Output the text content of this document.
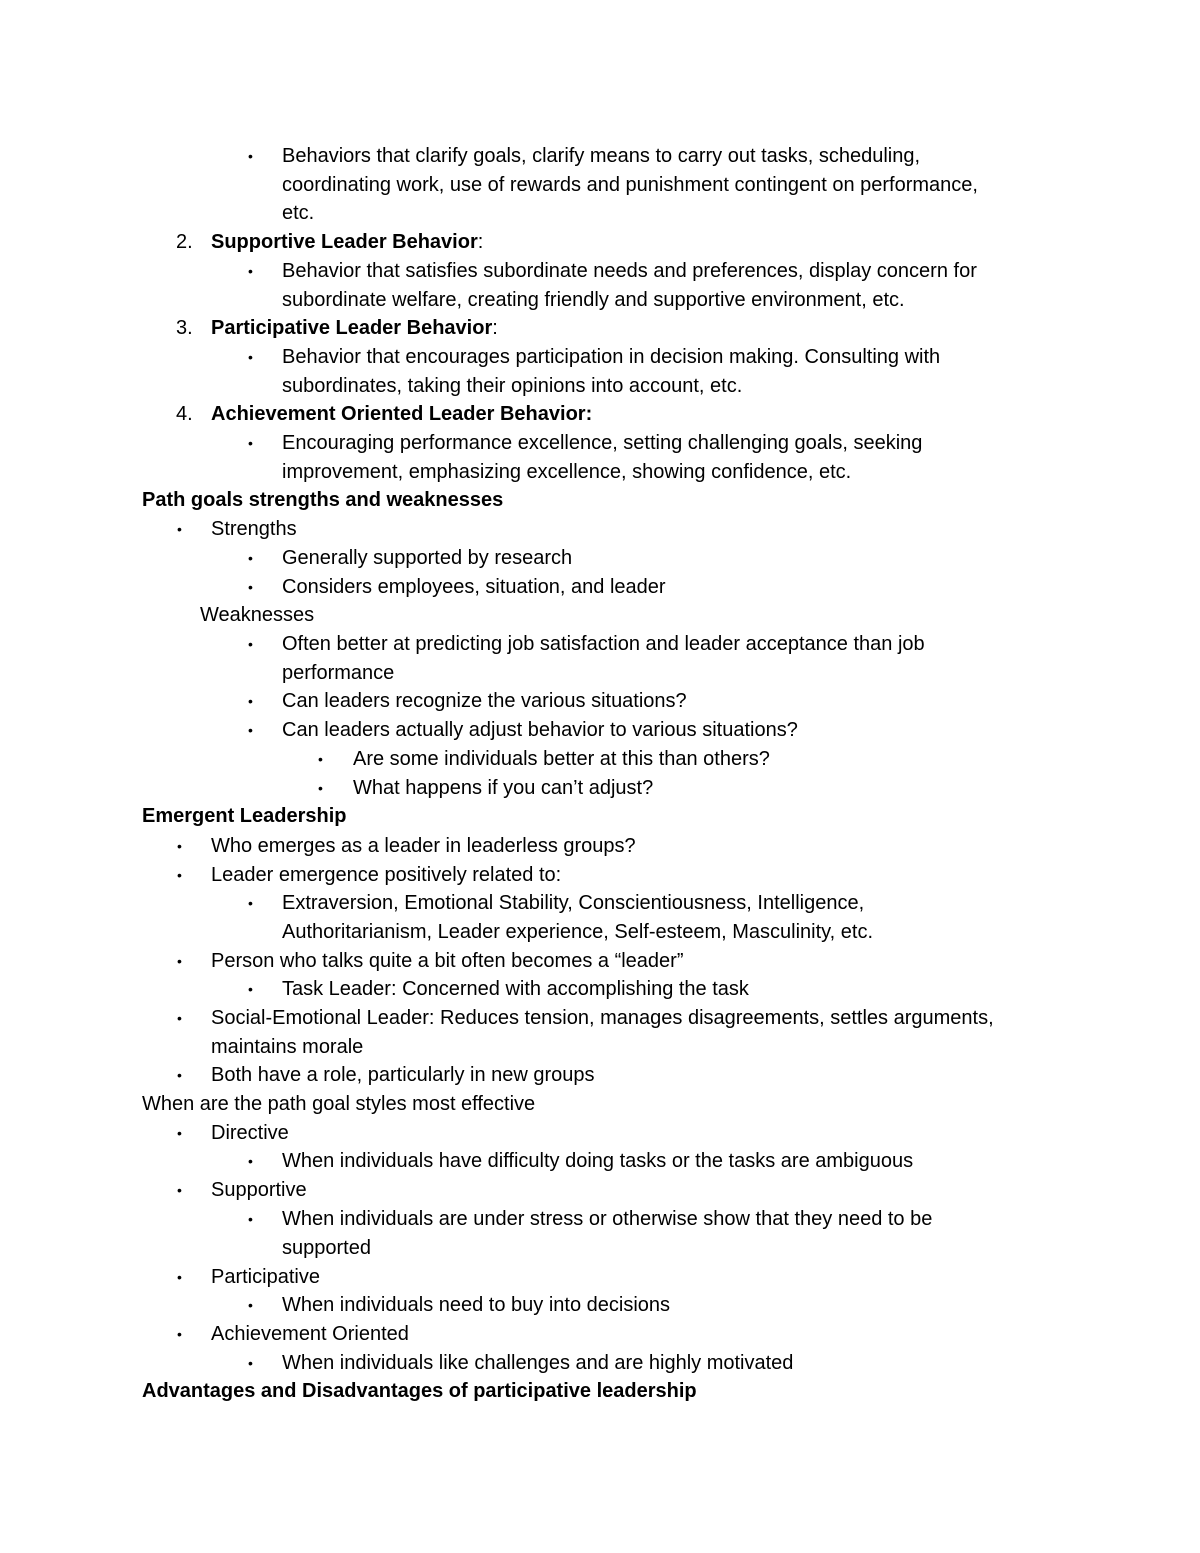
• Behaviors that clarify goals, clarify means to carry out tasks, scheduling,
coordinating work, use of rewards and punishment contingent on performance,
etc.
2. Supportive Leader Behavior:
• Behavior that satisfies subordinate needs and preferences, display concern for
subordinate welfare, creating friendly and supportive environment, etc.
3. Participative Leader Behavior:
• Behavior that encourages participation in decision making. Consulting with
subordinates, taking their opinions into account, etc.
4. Achievement Oriented Leader Behavior:
• Encouraging performance excellence, setting challenging goals, seeking
improvement, emphasizing excellence, showing confidence, etc.
Path goals strengths and weaknesses
• Strengths
• Generally supported by research
• Considers employees, situation, and leader
Weaknesses
• Often better at predicting job satisfaction and leader acceptance than job
performance
• Can leaders recognize the various situations?
• Can leaders actually adjust behavior to various situations?
• Are some individuals better at this than others?
• What happens if you can’t adjust?
Emergent Leadership
• Who emerges as a leader in leaderless groups?
• Leader emergence positively related to:
• Extraversion, Emotional Stability, Conscientiousness, Intelligence,
Authoritarianism, Leader experience, Self-esteem, Masculinity, etc.
• Person who talks quite a bit often becomes a “leader”
• Task Leader: Concerned with accomplishing the task
• Social-Emotional Leader: Reduces tension, manages disagreements, settles arguments,
maintains morale
• Both have a role, particularly in new groups
When are the path goal styles most effective
• Directive
• When individuals have difficulty doing tasks or the tasks are ambiguous
• Supportive
• When individuals are under stress or otherwise show that they need to be
supported
• Participative
• When individuals need to buy into decisions
• Achievement Oriented
• When individuals like challenges and are highly motivated
Advantages and Disadvantages of participative leadership
